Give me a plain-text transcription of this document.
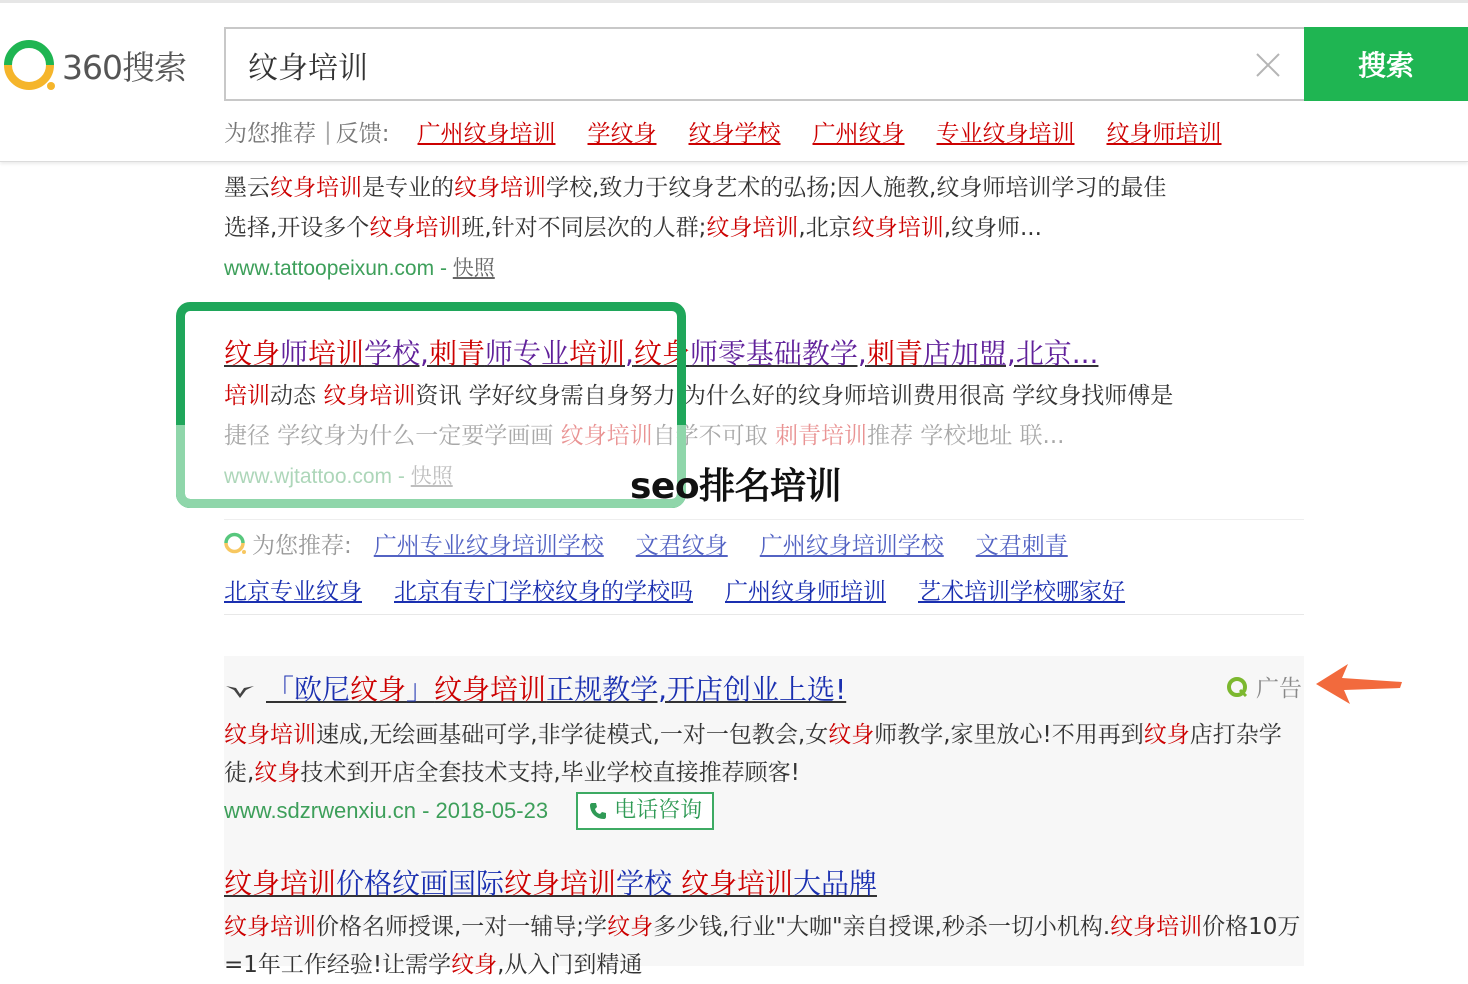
360搜索
纹身培训	搜索
为您推荐 | 反馈: 广州纹身培训 学纹身 纹身学校 广州纹身 专业纹身培训 纹身师培训
墨云纹身培训是专业的纹身培训学校,致力于纹身艺术的弘扬;因人施教,纹身师培训学习的最佳
选择,开设多个纹身培训班,针对不同层次的人群;纹身培训,北京纹身培训,纹身师...
www.tattoopeixun.com - 快照
纹身师培训学校,刺青师专业培训,纹身师零基础教学,刺青店加盟,北京...
培训动态 纹身培训资讯 学好纹身需自身努力 为什么好的纹身师培训费用很高 学纹身找师傅是
捷径 学纹身为什么一定要学画画 纹身培训自学不可取 刺青培训推荐 学校地址 联...
www.wjtattoo.com - 快照	seo排名培训
为您推荐: 广州专业纹身培训学校 文君纹身 广州纹身培训学校 文君刺青
北京专业纹身 北京有专门学校纹身的学校吗 广州纹身师培训 艺术培训学校哪家好
「欧尼纹身」纹身培训正规教学,开店创业上选!	广告
纹身培训速成,无绘画基础可学,非学徒模式,一对一包教会,女纹身师教学,家里放心!不用再到纹身店打杂学徒,纹身技术到开店全套技术支持,毕业学校直接推荐顾客!
www.sdzrwenxiu.cn - 2018-05-23	电话咨询
纹身培训价格纹画国际纹身培训学校 纹身培训大品牌
纹身培训价格名师授课,一对一辅导;学纹身多少钱,行业"大咖"亲自授课,秒杀一切小机构.纹身培训价格10万=1年工作经验!让需学纹身,从入门到精通
